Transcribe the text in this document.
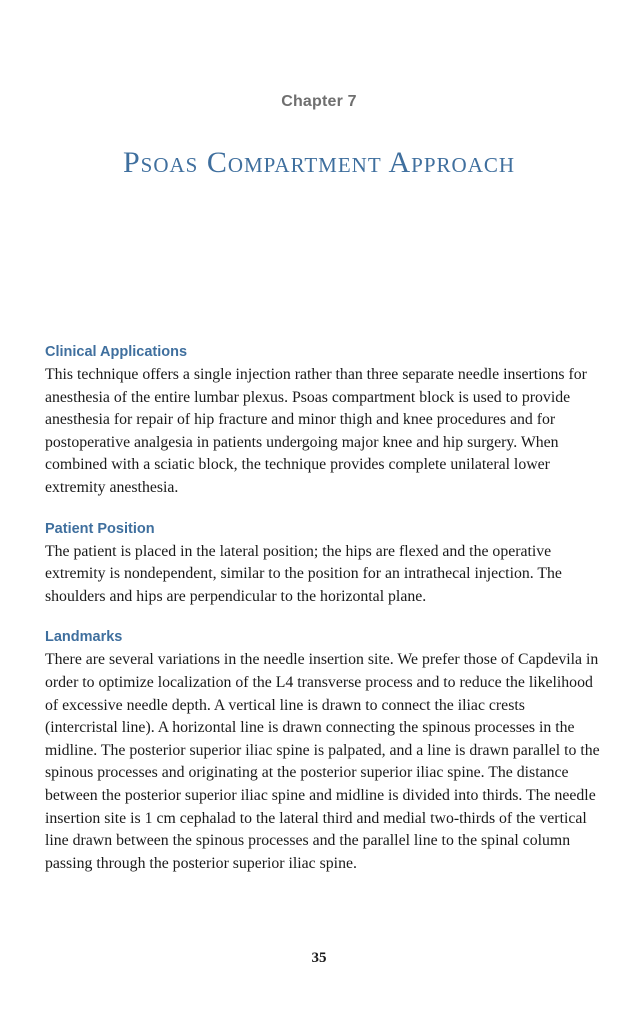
Chapter 7
Psoas Compartment Approach
Clinical Applications

This technique offers a single injection rather than three separate needle insertions for anesthesia of the entire lumbar plexus. Psoas compartment block is used to provide anesthesia for repair of hip fracture and minor thigh and knee procedures and for postoperative analgesia in patients undergoing major knee and hip surgery. When combined with a sciatic block, the technique provides complete unilateral lower extremity anesthesia.

Patient Position

The patient is placed in the lateral position; the hips are flexed and the operative extremity is nondependent, similar to the position for an intrathecal injection. The shoulders and hips are perpendicular to the horizontal plane.

Landmarks

There are several variations in the needle insertion site. We prefer those of Capdevila in order to optimize localization of the L4 transverse process and to reduce the likelihood of excessive needle depth. A vertical line is drawn to connect the iliac crests (intercristal line). A horizontal line is drawn connecting the spinous processes in the midline. The posterior superior iliac spine is palpated, and a line is drawn parallel to the spinous processes and originating at the posterior superior iliac spine. The distance between the posterior superior iliac spine and midline is divided into thirds. The needle insertion site is 1 cm cephalad to the lateral third and medial two-thirds of the vertical line drawn between the spinous processes and the parallel line to the spinal column passing through the posterior superior iliac spine.

35
